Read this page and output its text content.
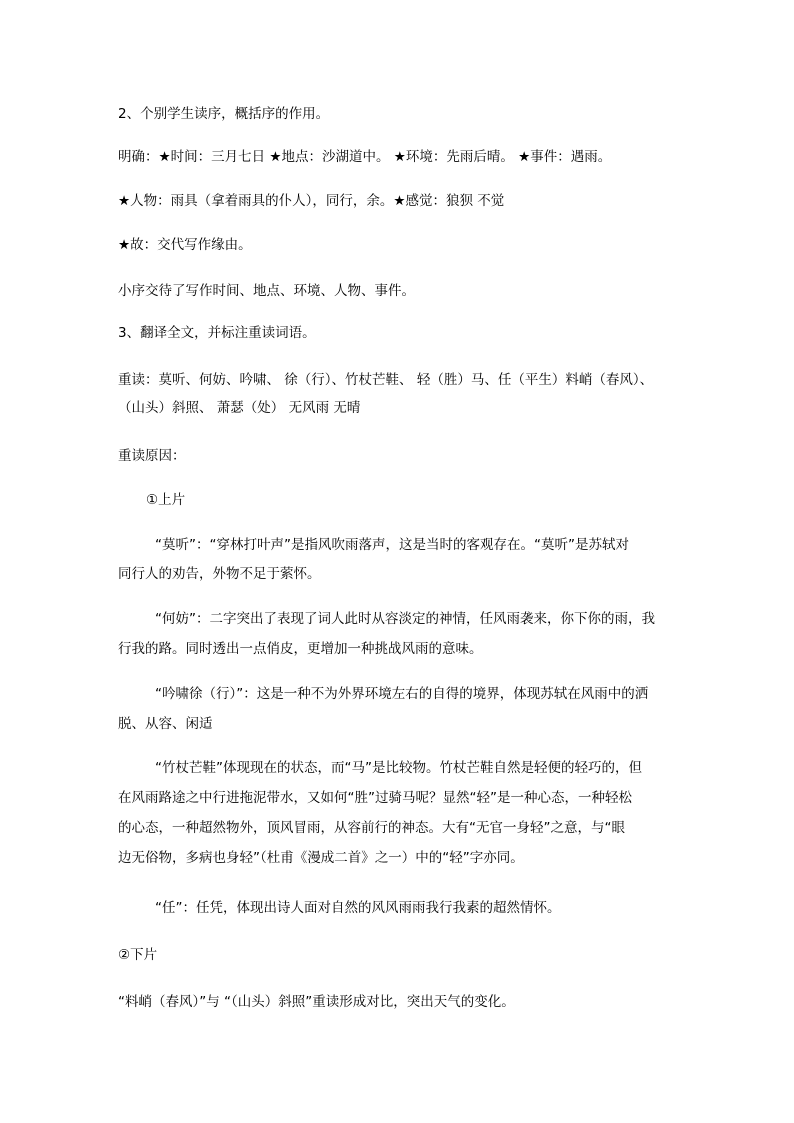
2、个别学生读序，概括序的作用。
明确：★时间：三月七日 ★地点：沙湖道中。 ★环境：先雨后晴。 ★事件：遇雨。
★人物：雨具（拿着雨具的仆人），同行，余。★感觉：狼狈 不觉
★故：交代写作缘由。
小序交待了写作时间、地点、环境、人物、事件。
3、翻译全文，并标注重读词语。
重读：莫听、何妨、吟啸、 徐（行）、竹杖芒鞋、 轻（胜）马、任（平生）料峭（春风）、
（山头）斜照、 萧瑟（处） 无风雨 无晴
重读原因：
①上片
“莫听”：“穿林打叶声”是指风吹雨落声，这是当时的客观存在。“莫听”是苏轼对
同行人的劝告，外物不足于萦怀。
“何妨”：二字突出了表现了词人此时从容淡定的神情，任风雨袭来，你下你的雨，我
行我的路。同时透出一点俏皮，更增加一种挑战风雨的意味。
“吟啸徐（行）”：这是一种不为外界环境左右的自得的境界，体现苏轼在风雨中的洒
脱、从容、闲适
“竹杖芒鞋”体现现在的状态，而“马”是比较物。竹杖芒鞋自然是轻便的轻巧的，但
在风雨路途之中行进拖泥带水，又如何“胜”过骑马呢？显然“轻”是一种心态，一种轻松
的心态，一种超然物外，顶风冒雨，从容前行的神态。大有“无官一身轻”之意，与“眼
边无俗物，多病也身轻”（杜甫《漫成二首》之一）中的“轻”字亦同。
“任”：任凭，体现出诗人面对自然的风风雨雨我行我素的超然情怀。
②下片
“料峭（春风）”与 “（山头）斜照”重读形成对比，突出天气的变化。
